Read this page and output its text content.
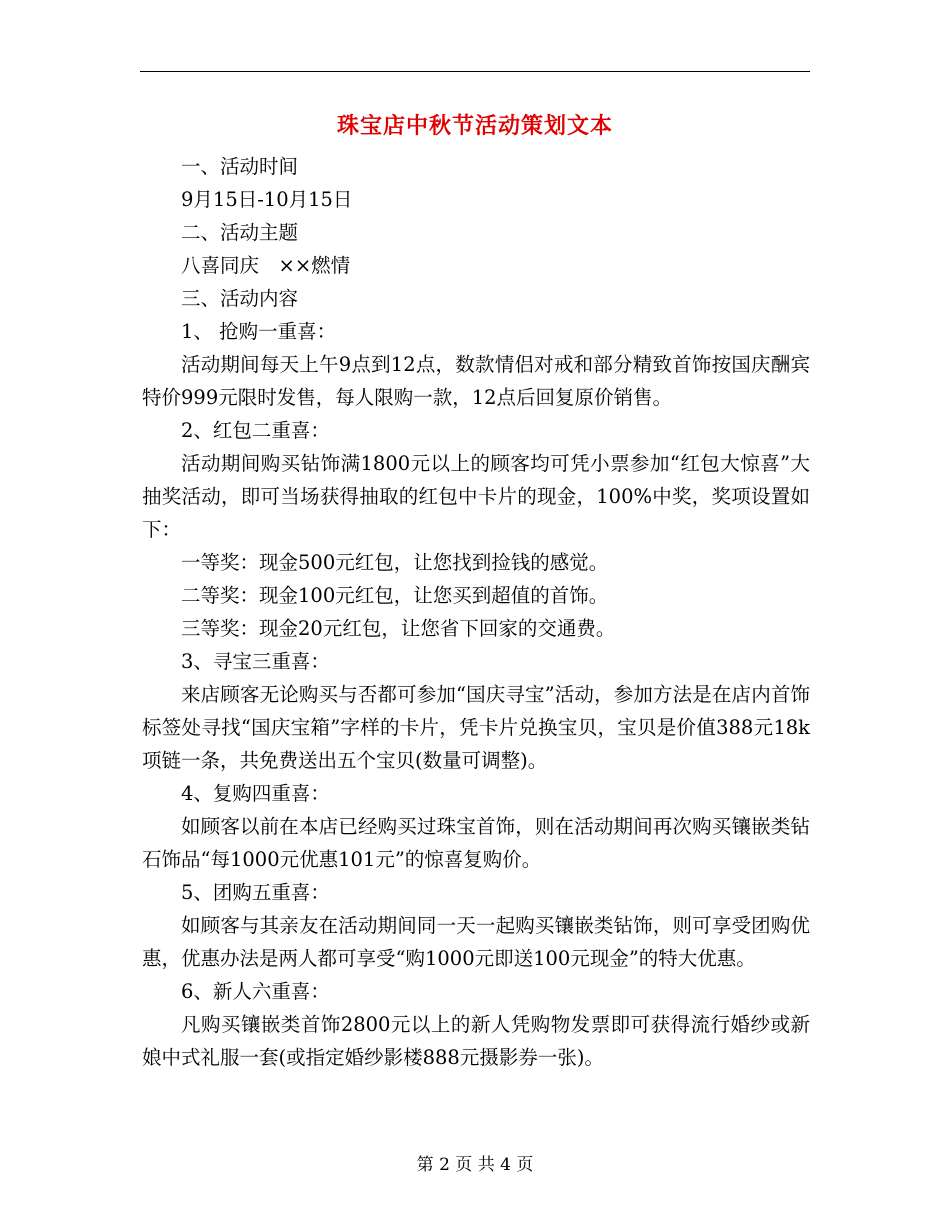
珠宝店中秋节活动策划文本

一、活动时间

9月15日-10月15日

二、活动主题

八喜同庆　××燃情

三、活动内容

1、 抢购一重喜：

活动期间每天上午9点到12点，数款情侣对戒和部分精致首饰按国庆酬宾特价999元限时发售，每人限购一款，12点后回复原价销售。

2、红包二重喜：

活动期间购买钻饰满1800元以上的顾客均可凭小票参加“红包大惊喜”大抽奖活动，即可当场获得抽取的红包中卡片的现金，100%中奖，奖项设置如下：

一等奖：现金500元红包，让您找到捡钱的感觉。

二等奖：现金100元红包，让您买到超值的首饰。

三等奖：现金20元红包，让您省下回家的交通费。

3、寻宝三重喜：

来店顾客无论购买与否都可参加“国庆寻宝”活动，参加方法是在店内首饰标签处寻找“国庆宝箱”字样的卡片，凭卡片兑换宝贝，宝贝是价值388元18k项链一条，共免费送出五个宝贝(数量可调整)。

4、复购四重喜：

如顾客以前在本店已经购买过珠宝首饰，则在活动期间再次购买镶嵌类钻石饰品“每1000元优惠101元”的惊喜复购价。

5、团购五重喜：

如顾客与其亲友在活动期间同一天一起购买镶嵌类钻饰，则可享受团购优惠，优惠办法是两人都可享受“购1000元即送100元现金”的特大优惠。

6、新人六重喜：

凡购买镶嵌类首饰2800元以上的新人凭购物发票即可获得流行婚纱或新娘中式礼服一套(或指定婚纱影楼888元摄影券一张)。

第 2 页 共 4 页
